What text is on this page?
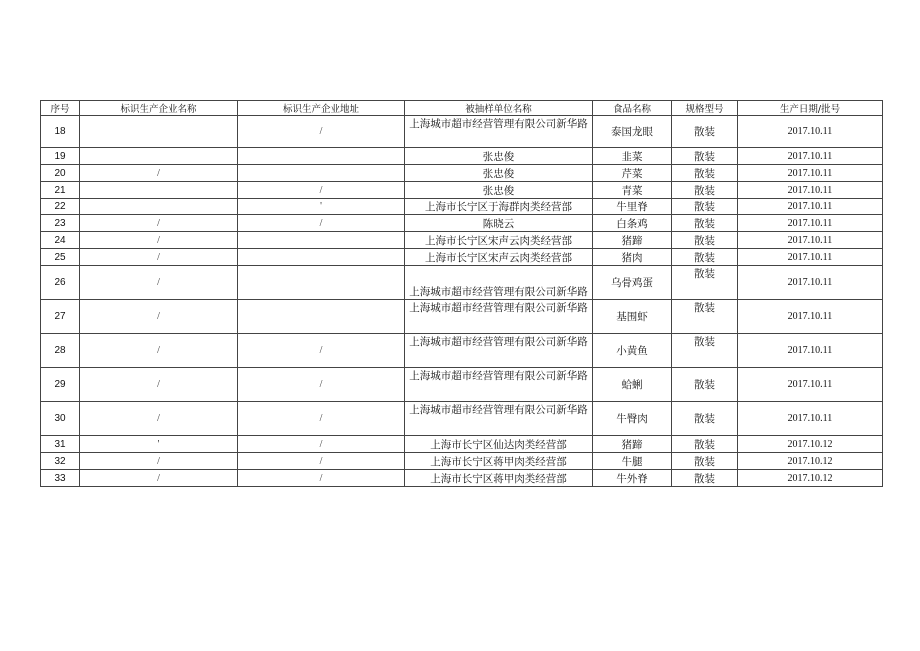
序号	标识生产企业名称	标识生产企业地址	被抽样单位名称	食品名称	规格型号	生产日期/批号
18		/	上海城市超市经营管理有限公司新华路	泰国龙眼	散装	2017.10.11
19			张忠俊	韭菜	散装	2017.10.11
20	/		张忠俊	芹菜	散装	2017.10.11
21		/	张忠俊	青菜	散装	2017.10.11
22		'	上海市长宁区于海群肉类经营部	牛里脊	散装	2017.10.11
23	/	/	陈晓云	白条鸡	散装	2017.10.11
24	/		上海市长宁区宋声云肉类经营部	猪蹄	散装	2017.10.11
25	/		上海市长宁区宋声云肉类经营部	猪肉	散装	2017.10.11
26	/		上海城市超市经营管理有限公司新华路	乌骨鸡蛋	散装	2017.10.11
27	/		上海城市超市经营管理有限公司新华路	基围虾	散装	2017.10.11
28	/	/	上海城市超市经营管理有限公司新华路	小黄鱼	散装	2017.10.11
29	/	/	上海城市超市经营管理有限公司新华路	蛤蜊	散装	2017.10.11
30	/	/	上海城市超市经营管理有限公司新华路	牛臀肉	散装	2017.10.11
31	'	/	上海市长宁区仙达肉类经营部	猪蹄	散装	2017.10.12
32	/	/	上海市长宁区蒋甲肉类经营部	牛腿	散装	2017.10.12
33	/	/	上海市长宁区蒋甲肉类经营部	牛外脊	散装	2017.10.12
